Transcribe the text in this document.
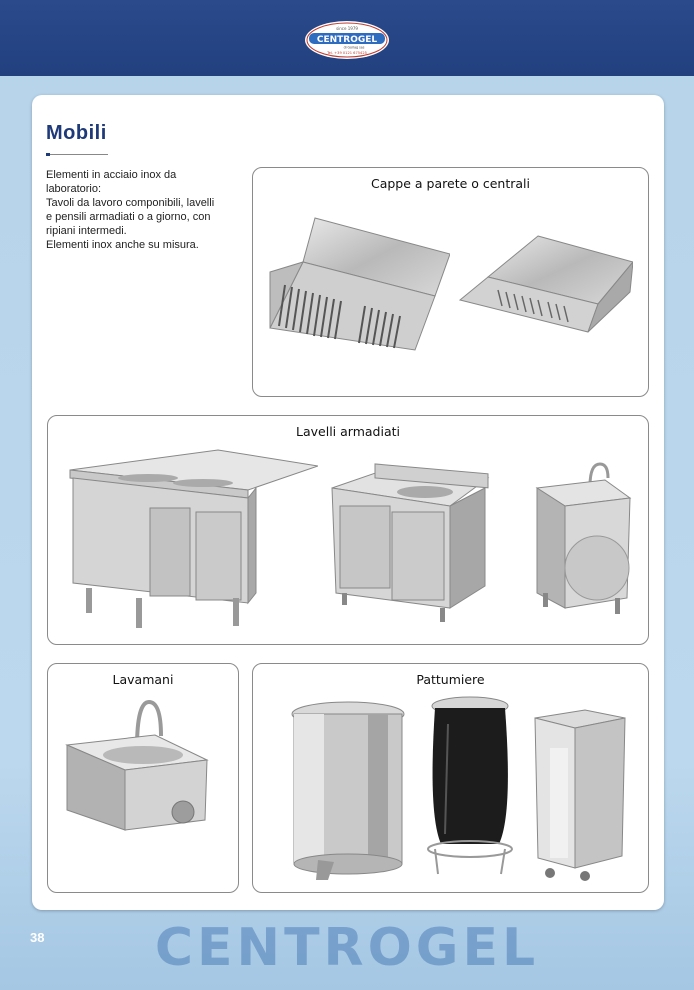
since 1979
CENTROGEL
di Gorlag sas
Tel. +39 0121 675425
Mobili
Elementi in acciaio inox da
laboratorio:
Tavoli da lavoro componibili, lavelli
e pensili armadiati o a giorno, con
ripiani intermedi.
Elementi inox anche su misura.
Cappe a parete o centrali
Lavelli armadiati
Lavamani	Pattumiere
38	CENTROGEL
